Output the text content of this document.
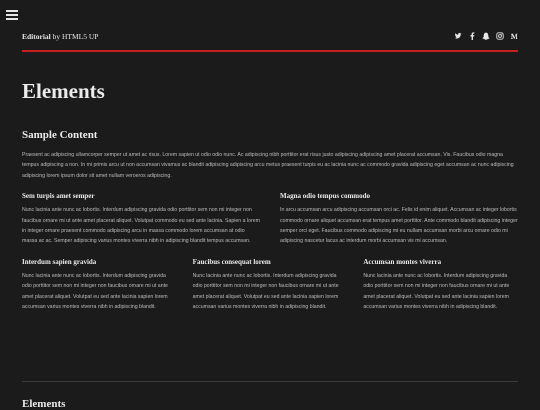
Editorial by HTML5 UP
Elements
Sample Content

Praesent ac adipiscing ullamcorper semper ut amet ac risus. Lorem sapien ut odio odio nunc. Ac adipiscing nibh porttitor erat risus justo adipiscing adipiscing amet placerat accumsan. Vis. Faucibus odio magna tempus adipiscing a non. In mi primis arcu ut non accumsan vivamus ac blandit adipiscing adipiscing arcu metus praesent turpis eu ac lacinia nunc ac commodo gravida adipiscing eget accumsan ac nunc adipiscing adipiscing lorem ipsum dolor sit amet nullam veroeros adipiscing.

Sem turpis amet semper

Nunc lacinia ante nunc ac lobortis. Interdum adipiscing gravida odio porttitor sem non mi integer non faucibus ornare mi ut ante amet placerat aliquet. Volutpat commodo eu sed ante lacinia. Sapien a lorem in integer ornare praesent commodo adipiscing arcu in massa commodo lorem accumsan at odio massa ac ac. Semper adipiscing varius montes viverra nibh in adipiscing blandit tempus accumsan.

Magna odio tempus commodo

In arcu accumsan arcu adipiscing accumsan orci ac. Felis id enim aliquet. Accumsan ac integer lobortis commodo ornare aliquet accumsan erat tempus amet porttitor. Ante commodo blandit adipiscing integer semper orci eget. Faucibus commodo adipiscing mi eu nullam accumsan morbi arcu ornare odio mi adipiscing nascetur lacus ac interdum morbi accumsan vis mi accumsan.

Interdum sapien gravida

Nunc lacinia ante nunc ac lobortis. Interdum adipiscing gravida odio porttitor sem non mi integer non faucibus ornare mi ut ante amet placerat aliquet. Volutpat eu sed ante lacinia sapien lorem accumsan varius montes viverra nibh in adipiscing blandit.

Faucibus consequat lorem

Nunc lacinia ante nunc ac lobortis. Interdum adipiscing gravida odio porttitor sem non mi integer non faucibus ornare mi ut ante amet placerat aliquet. Volutpat eu sed ante lacinia sapien lorem accumsan varius montes viverra nibh in adipiscing blandit.

Accumsan montes viverra

Nunc lacinia ante nunc ac lobortis. Interdum adipiscing gravida odio porttitor sem non mi integer non faucibus ornare mi ut ante amet placerat aliquet. Volutpat eu sed ante lacinia sapien lorem accumsan varius montes viverra nibh in adipiscing blandit.

Elements
